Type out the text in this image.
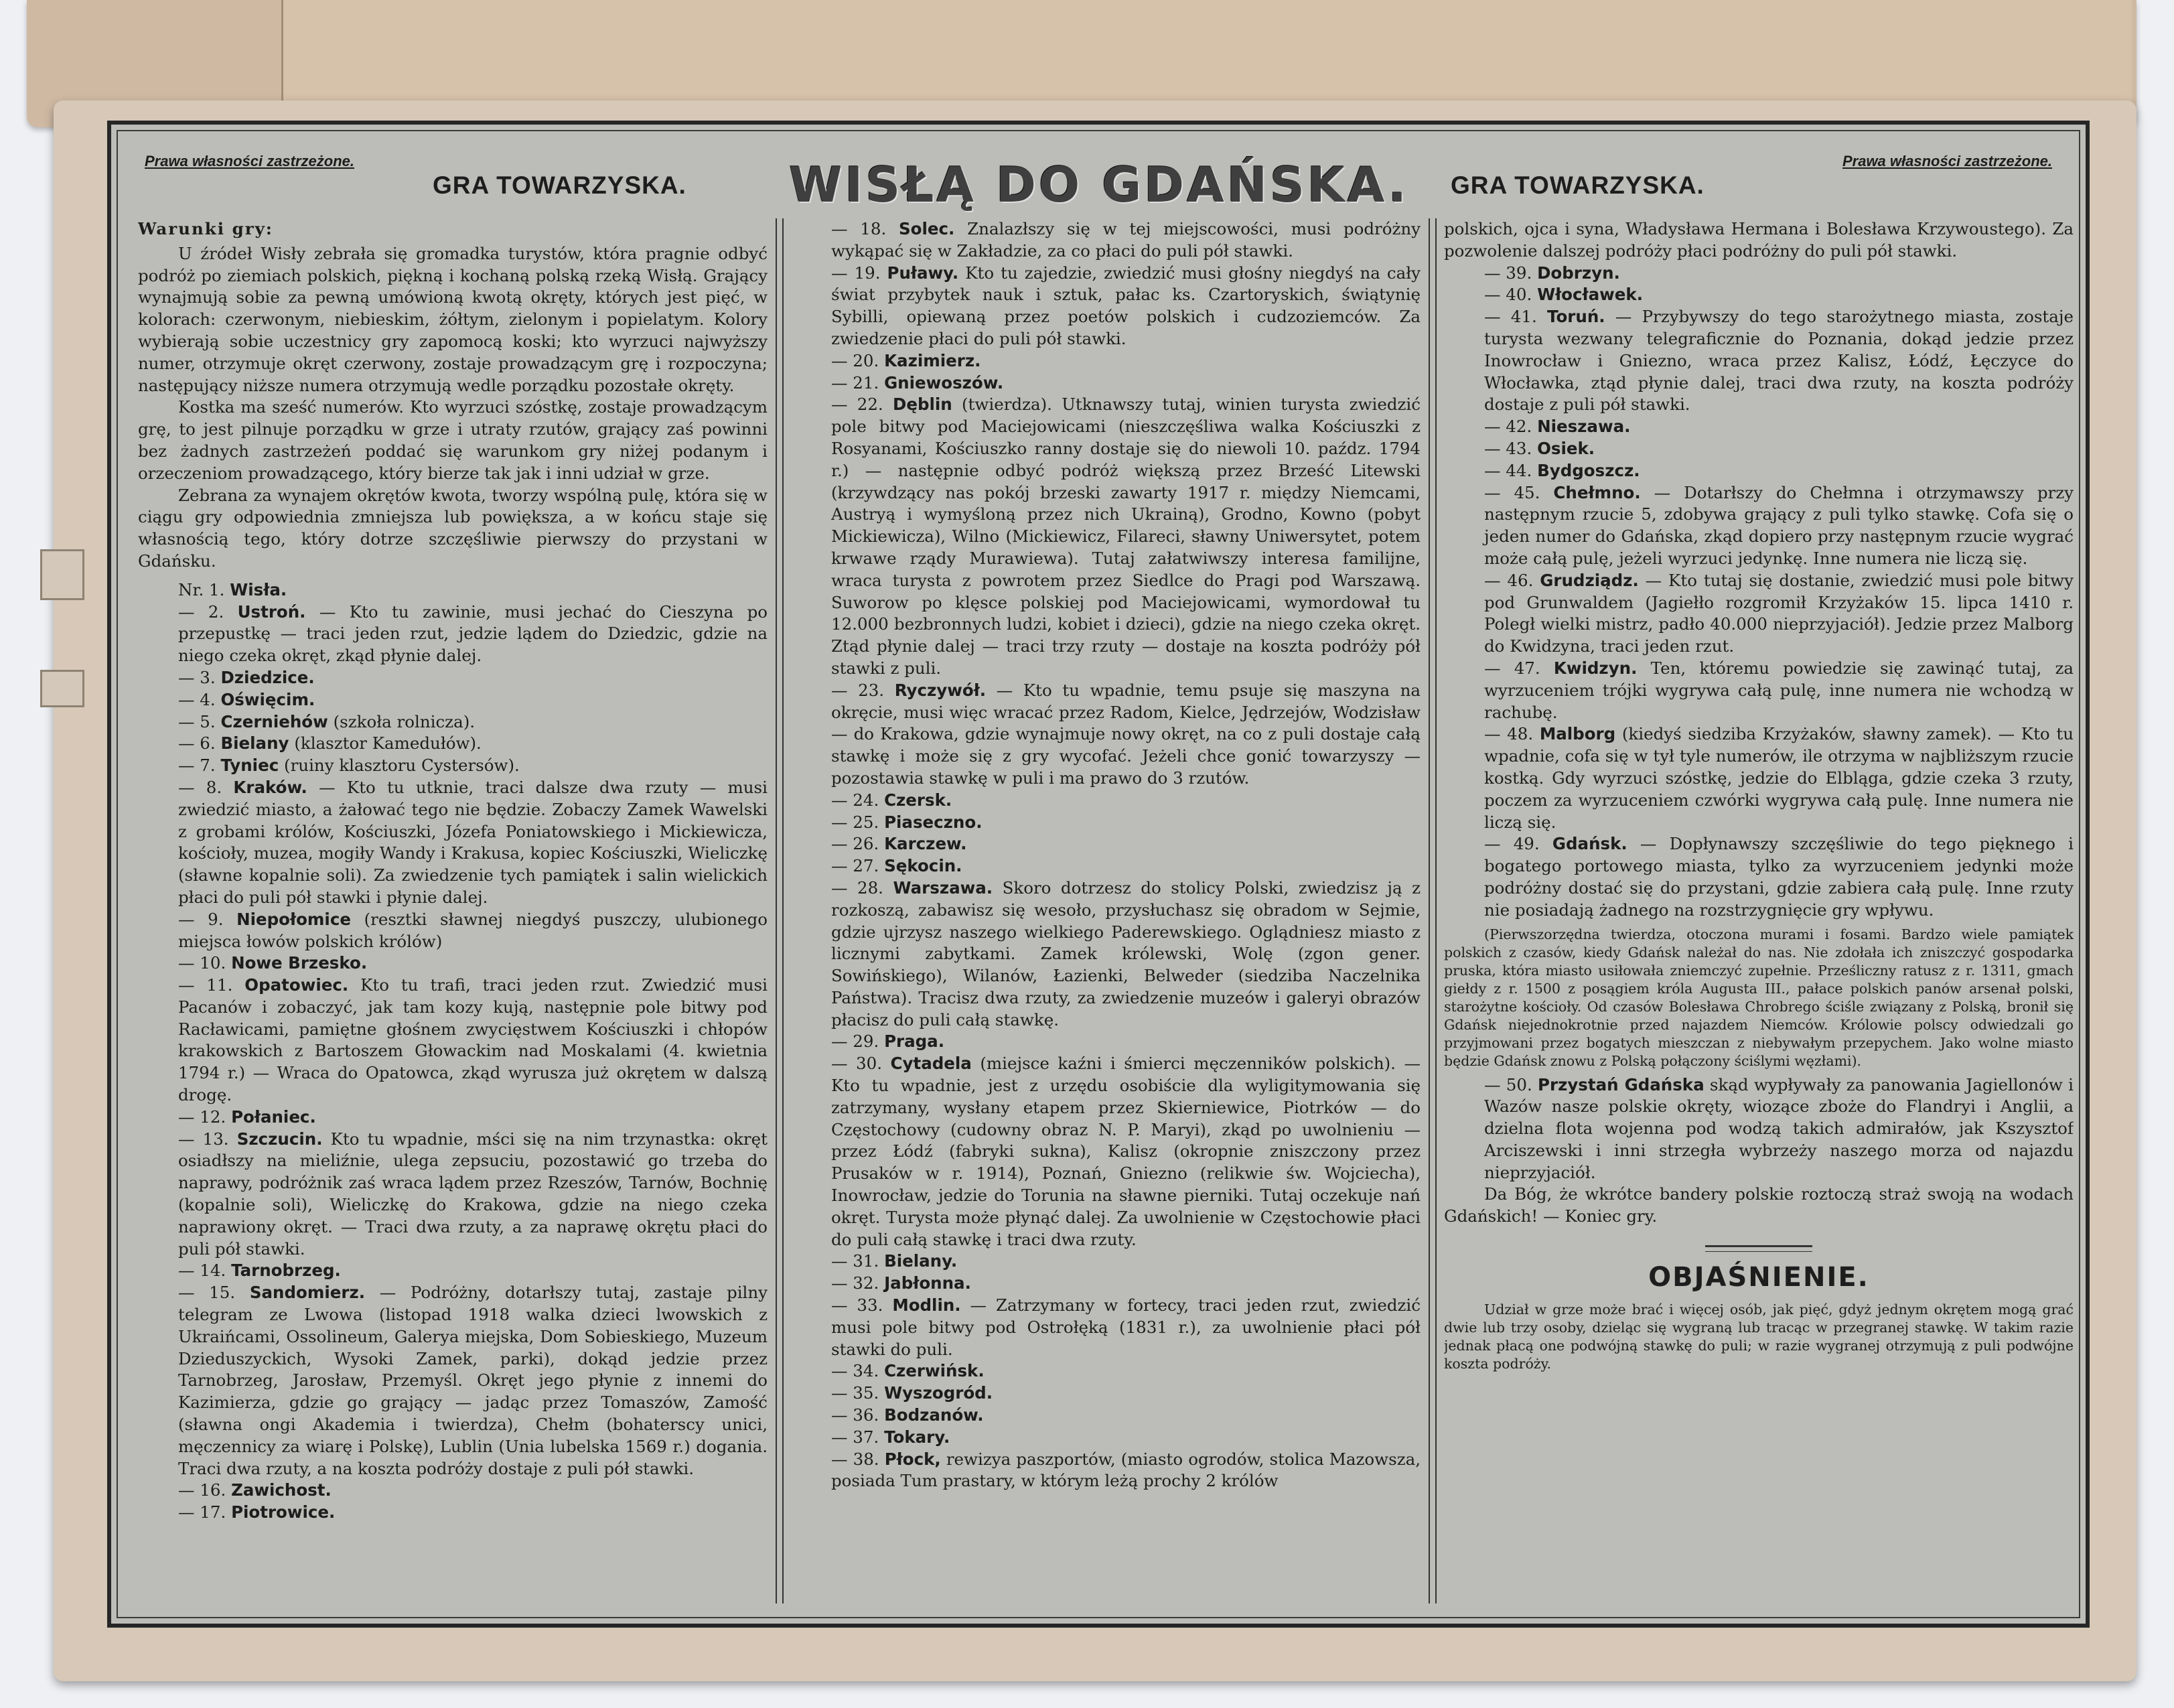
Prawa własności zastrzeżone.
GRA TOWARZYSKA. WISŁĄ DO GDAŃSKA.	GRA TOWARZYSKA.
Prawa własności zastrzeżone.

Warunki gry:

U źródeł Wisły zebrała się gromadka turystów, która pragnie odbyć podróż po ziemiach polskich, piękną i kochaną polską rzeką Wisłą. Grający wynajmują sobie za pewną umówioną kwotą okręty, których jest pięć, w kolorach: czerwonym, niebieskim, żółtym, zielonym i popielatym. Kolory wybierają sobie uczestnicy gry zapomocą koski; kto wyrzuci najwyższy numer, otrzymuje okręt czerwony, zostaje prowadzącym grę i rozpoczyna; następujący niższe numera otrzymują wedle porządku pozostałe okręty.

Kostka ma sześć numerów. Kto wyrzuci szóstkę, zostaje prowadzącym grę, to jest pilnuje porządku w grze i utraty rzutów, grający zaś powinni bez żadnych zastrzeżeń poddać się warunkom gry niżej podanym i orzeczeniom prowadzącego, który bierze tak jak i inni udział w grze.

Zebrana za wynajem okrętów kwota, tworzy wspólną pulę, która się w ciągu gry odpowiednia zmniejsza lub powiększa, a w końcu staje się własnością tego, który dotrze szczęśliwie pierwszy do przystani w Gdańsku.

Nr. 1. Wisła.

— 2. Ustroń. — Kto tu zawinie, musi jechać do Cieszyna po przepustkę — traci jeden rzut, jedzie lądem do Dziedzic, gdzie na niego czeka okręt, zkąd płynie dalej.

— 3. Dziedzice.

— 4. Oświęcim.

— 5. Czerniehów (szkoła rolnicza).

— 6. Bielany (klasztor Kamedułów).

— 7. Tyniec (ruiny klasztoru Cystersów).

— 8. Kraków. — Kto tu utknie, traci dalsze dwa rzuty — musi zwiedzić miasto, a żałować tego nie będzie. Zobaczy Zamek Wawelski z grobami królów, Kościuszki, Józefa Poniatowskiego i Mickiewicza, kościoły, muzea, mogiły Wandy i Krakusa, kopiec Kościuszki, Wieliczkę (sławne kopalnie soli). Za zwiedzenie tych pamiątek i salin wielickich płaci do puli pół stawki i płynie dalej.

— 9. Niepołomice (resztki sławnej niegdyś puszczy, ulubionego miejsca łowów polskich królów)

— 10. Nowe Brzesko.

— 11. Opatowiec. Kto tu trafi, traci jeden rzut. Zwiedzić musi Pacanów i zobaczyć, jak tam kozy kują, następnie pole bitwy pod Racławicami, pamiętne głośnem zwycięstwem Kościuszki i chłopów krakowskich z Bartoszem Głowackim nad Moskalami (4. kwietnia 1794 r.) — Wraca do Opatowca, zkąd wyrusza już okrętem w dalszą drogę.

— 12. Połaniec.

— 13. Szczucin. Kto tu wpadnie, mści się na nim trzynastka: okręt osiadłszy na mieliźnie, ulega zepsuciu, pozostawić go trzeba do naprawy, podróżnik zaś wraca lądem przez Rzeszów, Tarnów, Bochnię (kopalnie soli), Wieliczkę do Krakowa, gdzie na niego czeka naprawiony okręt. — Traci dwa rzuty, a za naprawę okrętu płaci do puli pół stawki.

— 14. Tarnobrzeg.

— 15. Sandomierz. — Podróżny, dotarłszy tutaj, zastaje pilny telegram ze Lwowa (listopad 1918 walka dzieci lwowskich z Ukraińcami, Ossolineum, Galerya miejska, Dom Sobieskiego, Muzeum Dzieduszyckich, Wysoki Zamek, parki), dokąd jedzie przez Tarnobrzeg, Jarosław, Przemyśl. Okręt jego płynie z innemi do Kazimierza, gdzie go grający — jadąc przez Tomaszów, Zamość (sławna ongi Akademia i twierdza), Chełm (bohaterscy unici, męczennicy za wiarę i Polskę), Lublin (Unia lubelska 1569 r.) dogania. Traci dwa rzuty, a na koszta podróży dostaje z puli pół stawki.

— 16. Zawichost.

— 17. Piotrowice.

— 18. Solec. Znalazłszy się w tej miejscowości, musi podróżny wykąpać się w Zakładzie, za co płaci do puli pół stawki.

— 19. Puławy. Kto tu zajedzie, zwiedzić musi głośny niegdyś na cały świat przybytek nauk i sztuk, pałac ks. Czartoryskich, świątynię Sybilli, opiewaną przez poetów polskich i cudzoziemców. Za zwiedzenie płaci do puli pół stawki.

— 20. Kazimierz.

— 21. Gniewoszów.

— 22. Dęblin (twierdza). Utknawszy tutaj, winien turysta zwiedzić pole bitwy pod Maciejowicami (nieszczęśliwa walka Kościuszki z Rosyanami, Kościuszko ranny dostaje się do niewoli 10. paźdz. 1794 r.) — następnie odbyć podróż większą przez Brześć Litewski (krzywdzący nas pokój brzeski zawarty 1917 r. między Niemcami, Austryą i wymyśloną przez nich Ukrainą), Grodno, Kowno (pobyt Mickiewicza), Wilno (Mickiewicz, Filareci, sławny Uniwersytet, potem krwawe rządy Murawiewa). Tutaj załatwiwszy interesa familijne, wraca turysta z powrotem przez Siedlce do Pragi pod Warszawą. Suworow po klęsce polskiej pod Maciejowicami, wymordował tu 12.000 bezbronnych ludzi, kobiet i dzieci), gdzie na niego czeka okręt. Ztąd płynie dalej — traci trzy rzuty — dostaje na koszta podróży pół stawki z puli.

— 23. Ryczywół. — Kto tu wpadnie, temu psuje się maszyna na okręcie, musi więc wracać przez Radom, Kielce, Jędrzejów, Wodzisław — do Krakowa, gdzie wynajmuje nowy okręt, na co z puli dostaje całą stawkę i może się z gry wycofać. Jeżeli chce gonić towarzyszy — pozostawia stawkę w puli i ma prawo do 3 rzutów.

— 24. Czersk.

— 25. Piaseczno.

— 26. Karczew.

— 27. Sękocin.

— 28. Warszawa. Skoro dotrzesz do stolicy Polski, zwiedzisz ją z rozkoszą, zabawisz się wesoło, przysłuchasz się obradom w Sejmie, gdzie ujrzysz naszego wielkiego Paderewskiego. Oglądniesz miasto z licznymi zabytkami. Zamek królewski, Wolę (zgon gener. Sowińskiego), Wilanów, Łazienki, Belweder (siedziba Naczelnika Państwa). Tracisz dwa rzuty, za zwiedzenie muzeów i galeryi obrazów płacisz do puli całą stawkę.

— 29. Praga.

— 30. Cytadela (miejsce kaźni i śmierci męczenników polskich). — Kto tu wpadnie, jest z urzędu osobiście dla wyligitymowania się zatrzymany, wysłany etapem przez Skierniewice, Piotrków — do Częstochowy (cudowny obraz N. P. Maryi), zkąd po uwolnieniu — przez Łódź (fabryki sukna), Kalisz (okropnie zniszczony przez Prusaków w r. 1914), Poznań, Gniezno (relikwie św. Wojciecha), Inowrocław, jedzie do Torunia na sławne pierniki. Tutaj oczekuje nań okręt. Turysta może płynąć dalej. Za uwolnienie w Częstochowie płaci do puli całą stawkę i traci dwa rzuty.

— 31. Bielany.

— 32. Jabłonna.

— 33. Modlin. — Zatrzymany w fortecy, traci jeden rzut, zwiedzić musi pole bitwy pod Ostrołęką (1831 r.), za uwolnienie płaci pół stawki do puli.

— 34. Czerwińsk.

— 35. Wyszogród.

— 36. Bodzanów.

— 37. Tokary.

— 38. Płock, rewizya paszportów, (miasto ogrodów, stolica Mazowsza, posiada Tum prastary, w którym leżą prochy 2 królów

polskich, ojca i syna, Władysława Hermana i Bolesława Krzywoustego). Za pozwolenie dalszej podróży płaci podróżny do puli pół stawki.

— 39. Dobrzyn.

— 40. Włocławek.

— 41. Toruń. — Przybywszy do tego starożytnego miasta, zostaje turysta wezwany telegraficznie do Poznania, dokąd jedzie przez Inowrocław i Gniezno, wraca przez Kalisz, Łódź, Łęczyce do Włocławka, ztąd płynie dalej, traci dwa rzuty, na koszta podróży dostaje z puli pół stawki.

— 42. Nieszawa.

— 43. Osiek.

— 44. Bydgoszcz.

— 45. Chełmno. — Dotarłszy do Chełmna i otrzymawszy przy następnym rzucie 5, zdobywa grający z puli tylko stawkę. Cofa się o jeden numer do Gdańska, zkąd dopiero przy następnym rzucie wygrać może całą pulę, jeżeli wyrzuci jedynkę. Inne numera nie liczą się.

— 46. Grudziądz. — Kto tutaj się dostanie, zwiedzić musi pole bitwy pod Grunwaldem (Jagiełło rozgromił Krzyżaków 15. lipca 1410 r. Poległ wielki mistrz, padło 40.000 nieprzyjaciół). Jedzie przez Malborg do Kwidzyna, traci jeden rzut.

— 47. Kwidzyn. Ten, któremu powiedzie się zawinąć tutaj, za wyrzuceniem trójki wygrywa całą pulę, inne numera nie wchodzą w rachubę.

— 48. Malborg (kiedyś siedziba Krzyżaków, sławny zamek). — Kto tu wpadnie, cofa się w tył tyle numerów, ile otrzyma w najbliższym rzucie kostką. Gdy wyrzuci szóstkę, jedzie do Elbląga, gdzie czeka 3 rzuty, poczem za wyrzuceniem czwórki wygrywa całą pulę. Inne numera nie liczą się.

— 49. Gdańsk. — Dopłynawszy szczęśliwie do tego pięknego i bogatego portowego miasta, tylko za wyrzuceniem jedynki może podróżny dostać się do przystani, gdzie zabiera całą pulę. Inne rzuty nie posiadają żadnego na rozstrzygnięcie gry wpływu.

(Pierwszorzędna twierdza, otoczona murami i fosami. Bardzo wiele pamiątek polskich z czasów, kiedy Gdańsk należał do nas. Nie zdołała ich zniszczyć gospodarka pruska, która miasto usiłowała zniemczyć zupełnie. Prześliczny ratusz z r. 1311, gmach giełdy z r. 1500 z posągiem króla Augusta III., pałace polskich panów arsenał polski, starożytne kościoły. Od czasów Bolesława Chrobrego ściśle związany z Polską, bronił się Gdańsk niejednokrotnie przed najazdem Niemców. Królowie polscy odwiedzali go przyjmowani przez bogatych mieszczan z niebywałym przepychem. Jako wolne miasto będzie Gdańsk znowu z Polską połączony ściślymi węzłami).

— 50. Przystań Gdańska skąd wypływały za panowania Jagiellonów i Wazów nasze polskie okręty, wiozące zboże do Flandryi i Anglii, a dzielna flota wojenna pod wodzą takich admirałów, jak Kszysztof Arciszewski i inni strzegła wybrzeży naszego morza od najazdu nieprzyjaciół.

Da Bóg, że wkrótce bandery polskie roztoczą straż swoją na wodach Gdańskich! — Koniec gry.

OBJAŚNIENIE.

Udział w grze może brać i więcej osób, jak pięć, gdyż jednym okrętem mogą grać dwie lub trzy osoby, dzieląc się wygraną lub tracąc w przegranej stawkę. W takim razie jednak płacą one podwójną stawkę do puli; w razie wygranej otrzymują z puli podwójne koszta podróży.
